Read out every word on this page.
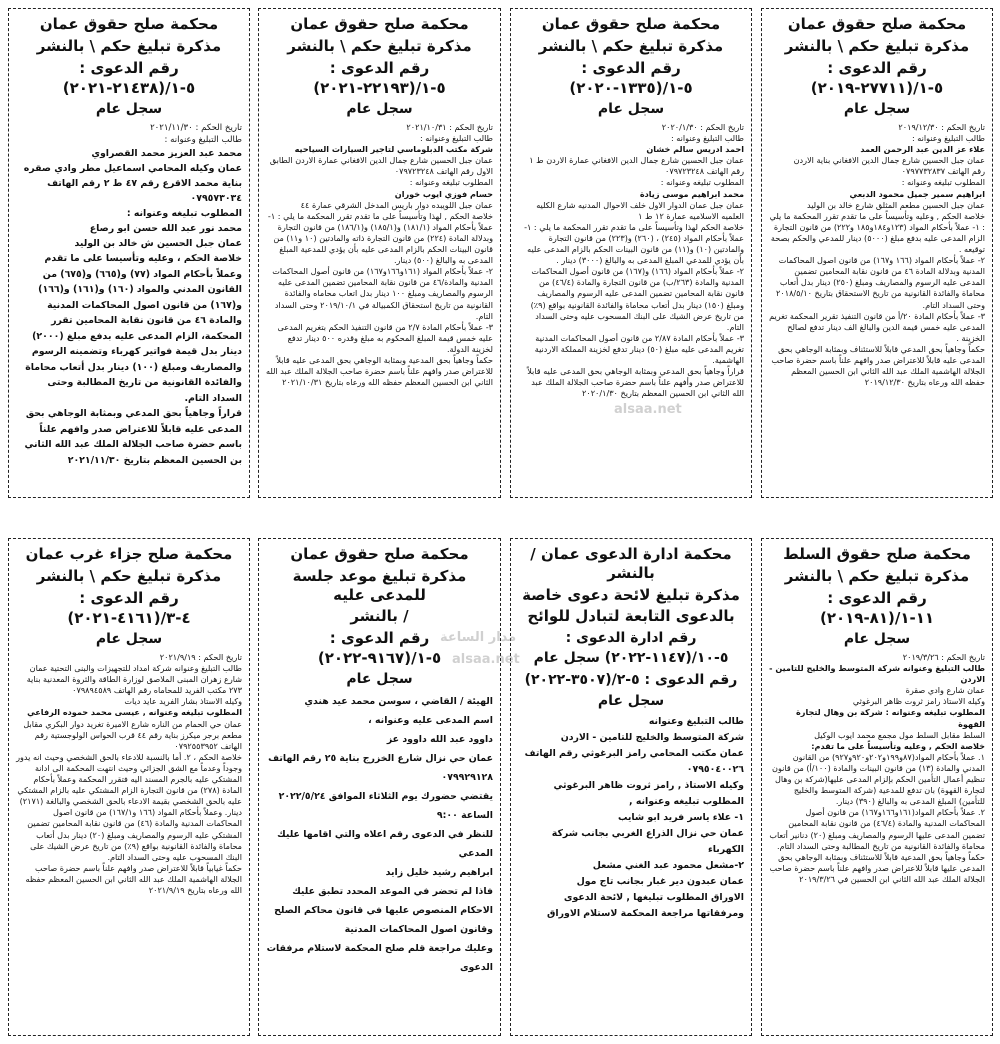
محكمة صلح حقوق عمان
مذكرة تبليغ حكم \ بالنشر
رقم الدعوى : ٥-١/(٢٧٧١١-٢٠١٩)
سجل عام

تاريخ الحكم : ٢٠١٩/١٢/٣٠

طالب التبليغ وعنوانه :

علاء عز الدين عبد الرحمن العمد

عمان جبل الحسين شارع جمال الدين الافغاني بناية الاردن

رقم الهاتف ٠٧٩٧٧٣٢٨٣٧

المطلوب تبليغه وعنوانه :

ابراهيم سمير جميل محمود الدبعي

عمان جبل الحسين مطعم المثلق شارع خالد بن الوليد

خلاصة الحكم , وعليه وتأسيساً على ما تقدم تقرر المحكمة ما يلي : ١- عملاً بأحكام المواد (١٢٣و١٨٤و١٨٥ و٢٢٢) من قانون التجارة الزام المدعى عليه بدفع مبلغ (٥٠٠٠) دينار للمدعي والحكم بصحة توقيعه .

٢- عملاً بأحكام المواد (١٦٦ و١٦٧) من قانون اصول المحاكمات المدنية وبدلالة المادة ٤٦ من قانون نقابة المحامين تضمين المدعى عليه الرسوم والمصاريف ومبلغ (٢٥٠) دينار بدل أتعاب محاماة والفائدة القانونية من تاريخ الاستحقاق بتاريخ ٢٠١٨/٥/١٠ وحتى السداد التام.

٣- عملاً بأحكام المادة ٢٠/أ من قانون التنفيذ تقرير المحكمة تغريم المدعى عليه خمس قيمة الدين والبالغ الف دينار تدفع لصالح الخزينة .

حكماً وجاهياً بحق المدعي قابلاً للاستئناف وبمثابة الوجاهي بحق المدعى عليه قابلاً للاعتراض صدر وافهم علناً باسم حضرة صاحب الجلالة الهاشمية الملك عبد الله الثاني ابن الحسين المعظم حفظه الله ورعاه بتاريخ ٢٠١٩/١٢/٣٠

محكمة صلح حقوق عمان
مذكرة تبليغ حكم \ بالنشر
رقم الدعوى : ٥-١/(١٣٣٥-٢٠٢٠)
سجل عام

تاريخ الحكم : ٢٠٢٠/١/٣٠

طالب التبليغ وعنوانه :

احمد ادريس سالم خشان

عمان جبل الحسين شارع جمال الدين الافغاني عمارة الاردن ط ١ رقم الهاتف ٠٧٩٧٢٣٢٤٨

المطلوب تبليغه وعنوانه :

محمد ابراهيم موسى زيادة

عمان جبل عمان الدوار الاول خلف الاحوال المدنيه شارع الكليه العلميه الاسلاميه عمارة ١٢ ط ١

خلاصة الحكم لهذا وتأسيساً على ما تقدم تقرر المحكمة ما يلي : ١- عملاً بأحكام المواد (٢٤٥) ، (٢٦٠) و(٢٢٣) من قانون التجارة والمادتين (١٠) و(١١) من قانون البينات الحكم بالزام المدعى عليه بأن يؤدي للمدعي المبلغ المدعى به والبالغ (٣٠٠٠) دينار .

٢- عملاً بأحكام المواد (١٦٦) و(١٦٧) من قانون أصول المحاكمات المدنية والمادة (٢٦٣/ب) من قانون التجارة والمادة (٤٦/٤) من قانون نقابة المحامين تضمين المدعى عليه الرسوم والمصاريف ومبلغ (١٥٠) دينار بدل أتعاب محاماة والفائدة القانونية بواقع (٩٪) من تاريخ عرض الشيك على البنك المسحوب عليه وحتى السداد التام.

٣- عملاً بأحكام المادة ٢/٨٧ من قانون أصول المحاكمات المدنية تغريم المدعى عليه مبلغ (٥٠) دينار تدفع لخزينة المملكة الاردنية الهاشمية.

قراراً وجاهياً بحق المدعي وبمثابة الوجاهي بحق المدعى عليه قابلاً للاعتراض صدر وأفهم علناً باسم حضرة صاحب الجلالة الملك عبد الله الثاني ابن الحسين المعظم بتاريخ ٢٠٢٠/١/٣٠

محكمة صلح حقوق عمان
مذكرة تبليغ حكم \ بالنشر
رقم الدعوى : ٥-١/(٢٢١٩٣-٢٠٢١)
سجل عام

تاريخ الحكم : ٢٠٢١/١٠/٣١

طالب التبليغ وعنوانه :

شركة مكتب الدبلوماسي لتاجير السيارات السياحيه

عمان جبل الحسين شارع جمال الدين الافغاني عمارة الاردن الطابق الاول رقم الهاتف ٠٧٩٧٢٣٢٤٨

المطلوب تبليغه وعنوانه :

حسام فوزي ايوب خوران

عمان جبل اللويبده دوار باريس المدخل الشرقي عمارة ٤٤

خلاصة الحكم , لهذا وتأسيساً على ما تقدم تقرر المحكمة ما يلي : ١- عملاً بأحكام المواد (١٨١/١) و(١٨٥/١) و(١٨٦/١) من قانون التجارة وبدلالة المادة (٢٢٤) من قانون التجارة ذاته والمادتين (١٠ و١١) من قانون البينات الحكم بالزام المدعى عليه بأن يؤدي للمدعية المبلغ المدعى به والبالغ (٥٠٠) دينار.

٢- عملاً بأحكام المواد (١٦١و١٦٦و١٦٧) من قانون أصول المحاكمات المدنية والمادة/٤٦ من قانون نقابة المحامين تضمين المدعى عليه الرسوم والمصاريف ومبلغ ١٠٠ دينار بدل اتعاب محاماه والفائدة القانونية من تاريخ استحقاق الكمبيالة في ٢٠١٩/١٠/١ وحتى السداد التام.

٣- عملاً بأحكام المادة ٢/٧ من قانون التنفيذ الحكم بتغريم المدعى عليه خمس قيمة المبلغ المحكوم به مبلغ وقدره ٥٠٠ دينار تدفع لخزينة الدولة.

حكماً وجاهياً بحق المدعية وبمثابة الوجاهي بحق المدعى عليه قابلاً للاعتراض صدر وافهم علناً باسم حضرة صاحب الجلالة الملك عبد الله الثاني ابن الحسين المعظم حفظه الله ورعاه بتاريخ ٢٠٢١/١٠/٣١

محكمة صلح حقوق عمان
مذكرة تبليغ حكم \ بالنشر
رقم الدعوى : ٥-١/(٢١٤٣٨-٢٠٢١)
سجل عام

تاريخ الحكم : ٢٠٢١/١١/٣٠

طالب التبليغ وعنوانه :

محمد عبد العزيز محمد القصراوي

عمان وكيله المحامي اسماعيل مطر وادي صقره بناية محمد الاقرع رقم ٤٧ ط ٢ رقم الهاتف ٠٧٩٥٧٣٠٣٤

المطلوب تبليغه وعنوانه :

محمد نور عبد الله حسن ابو رصاع

عمان جبل الحسين ش خالد بن الوليد

خلاصة الحكم ، وعليه وتأسيسا على ما تقدم وعملاً بأحكام المواد (٧٧) و(٦٦٥) و(٦٧٥) من القانون المدني والمواد (١٦٠) و(١٦١) و(١٦٦) و(١٦٧) من قانون اصول المحاكمات المدنية والمادة ٤٦ من قانون نقابة المحامين تقرر المحكمة، الزام المدعى عليه بدفع مبلغ (٢٠٠٠) دينار بدل قيمة فواتير كهرباء وتضمينه الرسوم والمصاريف ومبلغ (١٠٠) دينار بدل أتعاب محاماة والفائدة القانونية من تاريخ المطالبة وحتى السداد التام.

قراراً وجاهياً بحق المدعي وبمثابة الوجاهي بحق المدعى عليه قابلاً للاعتراض صدر وافهم علناً باسم حضرة صاحب الجلالة الملك عبد الله الثاني بن الحسين المعظم بتاريخ ٢٠٢١/١١/٣٠

محكمة صلح حقوق السلط
مذكرة تبليغ حكم \ بالنشر
رقم الدعوى : ١١-١/(٨١-٢٠١٩)
سجل عام

تاريخ الحكم : ٢٠١٩/٣/٢٦

طالب التبليغ وعنوانه شركة المتوسط والخليج للتامين - الاردن

عمان شارع وادي صقرة

وكيله الاستاذ رامز ثروت ظاهر البرغوثي

المطلوب تبليغه وعنوانه : شركة بن وهال لتجارة القهوة

السلط مقابل السلط مول مجمع محمد ايوب الوكيل

خلاصة الحكم , وعليه وتأسيساً على ما تقدم:

١. عملاً بأحكام المواد(٨٧و١٩٩و٢٠٢و٩٢٠و٩٢٧) من القانون المدني والمادة (١٣) من قانون البينات والمادة (١٠٠/أ) من قانون تنظيم أعمال التأمين الحكم بإلزام المدعى عليها(شركة بن وهال لتجارة القهوة) بان تدفع للمدعية (شركة المتوسط والخليج للتأمين) المبلغ المدعى به والبالغ (٣٩٠) دينار.

٢. عملاً بأحكام المواد(١٦١و١٦٦و١٦٧) من قانون أصول المحاكمات المدنية والمادة (٤٦/٤) من قانون نقابة المحامين تضمين المدعى عليها الرسوم والمصاريف ومبلغ (٢٠) دنانير أتعاب محاماة والفائدة القانونية من تاريخ المطالبة وحتى السداد التام.

حكماً وجاهياً بحق المدعية قابلاً للاستئناف وبمثابة الوجاهي بحق المدعى عليها قابلاً للاعتراض صدر وافهم علناً باسم حضرة صاحب الجلالة الملك عبد الله الثاني ابن الحسين في ٢٠١٩/٣/٢٦

محكمة ادارة الدعوى عمان /بالنشر
مذكرة تبليغ لائحة دعوى خاصة
بالدعوى التابعة لتبادل للوائح
رقم ادارة الدعوى : ٥-١٠/(١١٤٧-٢٠٢٢) سجل عام
رقم الدعوى : ٥-٢/(٣٥٠٧-٢٠٢٢)
سجل عام

طالب التبليغ وعنوانه

شركة المتوسط والخليج للتامين - الاردن

عمان مكتب المحامي رامز البرغوثي رقم الهاتف ٠٧٩٥٠٤٠٠٢٦

وكيله الاستاذ , رامز ثروت ظاهر البرغوثي

المطلوب تبليغه وعنوانه ,

١- علاء ياسر فريد ابو شايب

عمان حي نزال الذراع الغربي بجانب شركة الكهرباء

٢-مشعل محمود عبد الغني مشعل

عمان عبدون دير غبار بجانب تاج مول

الاوراق المطلوب تبليغها , لائحة الدعوى ومرفقاتها مراجعة المحكمة لاستلام الاوراق

محكمة صلح حقوق عمان
مذكرة تبليغ موعد جلسة للمدعى عليه
/ بالنشر
رقم الدعوى : ٥-١/(٩١٦٧-٢٠٢٢)
سجل عام

الهيئة / القاضي ، سوسن محمد عيد هندي

اسم المدعى عليه وعنوانه ،

داوود عبد الله داوود عز

عمان حي نزال شارع الخزرج بناية ٢٥ رقم الهاتف ٠٧٩٩٢٩١٢٨

يقتضي حضورك يوم الثلاثاء الموافق ٢٠٢٢/٥/٢٤ الساعة ٩:٠٠

للنظر في الدعوى رقم اعلاه والتي اقامها عليك المدعي

ابراهيم رشيد خليل زايد

فاذا لم تحضر في الموعد المحدد تطبق عليك الاحكام المنصوص عليها في قانون محاكم الصلح وقانون اصول المحاكمات المدنية

وعليك مراجعة قلم صلح المحكمة لاستلام مرفقات الدعوى

محكمة صلح جزاء غرب عمان
مذكرة تبليغ حكم \ بالنشر
رقم الدعوى : ٤-٣/(٤١٦١-٢٠٢١)
سجل عام

تاريخ الحكم : ٢٠٢١/٩/١٩

طالب التبليغ وعنوانه شركة امداد للتجهيزات والبنى التحتية عمان شارع زهران المبنى الملاصق لوزارة الطاقة والثروة المعدنية بناية ٢٧٣ مكتب الفريد للمحاماه رقم الهاتف ٠٧٩٨٩٤٥٨٩

وكيله الاستاذ بشار الفريد عايد ديات

المطلوب تبليغه وعنوانه , عيسى محمد حموده الرفاعي

عمان حي الحمام من الناره شارع الاميرة تغريد دوار البكري مقابل مطعم برجر ميكرز بناية رقم ٤٤ قرب الحواس الولوجستية رقم الهاتف ٠٧٩٢٥٥٣٩٥٢

خلاصة الحكم ، ٢. أما بالنسبة للادعاء بالحق الشخصي وحيث انه يدور وجوداً وعدماً مع الشق الجزائي وحيث انتهت المحكمة الى ادانة المشتكي عليه بالجرم المسند اليه فتقرر المحكمة وعملاً بأحكام المادة (٢٧٨) من قانون التجارة الزام المشتكي عليه بالزام المشتكي عليه بالحق الشخصي بقيمة الادعاء بالحق الشخصي والبالغة (٢١٧١) دينار. وعملاً بأحكام المواد (١٦٦ و١٦٧/١) من قانون اصول المحاكمات المدنية والمادة (٤٦) من قانون نقابة المحامين تضمين المشتكي عليه الرسوم والمصاريف ومبلغ (٢٠) دينار بدل أتعاب محاماة والفائدة القانونية بواقع (٩٪) من تاريخ عرض الشيك على البنك المسحوب عليه وحتى السداد التام.

حكماً غيابياً قابلاً للاعتراض صدر وافهم علناً باسم حضرة صاحب الجلالة الهاشمية الملك عبد الله الثاني ابن الحسين المعظم حفظه الله ورعاه بتاريخ ٢٠٢١/٩/١٩

alsaa.net
مدار الساعة
alsaa.net
